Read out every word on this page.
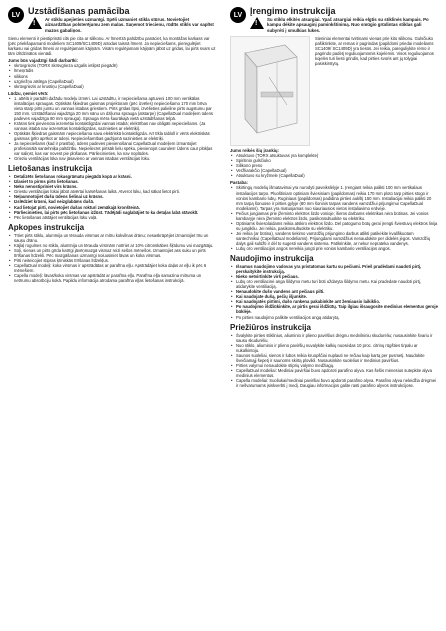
LV Uzstādīšanas pamācība
!
Ar stiklu apejieties uzmanīgi. Spēli uzmaniet stikla stūrus. Novietojiet aizsardzības polsterējumu zem malas. Saņemot triecienu, rūdīts stikls var saplīst mazos gabaliņos.

Sienu elementi ir piestiprināti cits pie cita ar silikonu. Ar līmerīzā palīdzību panāciet, ka montāžas karkass var (pēc priekšapamanti modeliem SC1409/SC1409D) atrodas taisnā līmenī. Ja nepieciešams, pieregulējiet karkasu vai gridas līmeni ar regulējamam kājiņām. Visām regulējamam kājiņām jābūt uz gridas, lai pirts svars uz tām izlīdzinātos vienādi.

Jums būs vajadzīgi šādi darbarīki:
• skrūvgriezis (TORX skrūvgrieza uzgalis ietilpst piegādē)
• līmeņrādis
• silikons
• uzgriežņu atslēga (CapellaDual)
• skrūvgriezis ar krustiņu (CapellaDual)
Lūdzu, ņemiet vērā:
• 1. attēlā ir parādīti dažādu modeļu izmēri. Lai uzstādītu, ir nepieciešama aptuveni 100 mm vertikālas instalācijas spraugas. Optiskās šķiedras gaismas projektoram (pēc izvēles) nepieciešamo 170 mm brīva vieta starp pirts jumtu un vannas istabas griestiem. Pirts grīdas līpsi, izvēlieties palieline pirts augstumu par 150 mm. Uzstādīšanai vajadzīga 20 mm sānu un dziļuma sprauga (atstarpe) (CapellaDual modeļiem ūdens padeves vajadzīga 80 mm sprauga). Sprauga mēra šaurākajā vietā uzstādīšanas telpā.
• Krāsns tiek pievienota iezemētai kontaktligzdai vannas istabā; elektrības nav obligāti nepieciešams. (Ja vannas istabā nav iezemētas kontaktligzdas, sazinieties ar elektriķi).
• Optiskās šķiedras gaismām nepieciešama sava elektriskā kontaktligzda. Arī tīkla tabloll ir vērts elektriskās gaismas ģēlū aprīkot ar ūdeņi. Nepieciešamības gadījumā sazinieties ar elektriķi.
• Ja nepieciešams (kad ir prasība), ūdens padeves pievienošanai CapellaDual modeļiem izmantojiet profesionālā santehniķa palīdzību. Nepieliecīet pirtsāk lielu spēku, pievienojot caurules! Ūdens caur plūkļas var saliņst, kas var novest pie plūšanas. Pārliecinieties, ka nav noplūdes.
• Grieziu ventilācijas lūka nav jāsavieno ar vannas istabas ventilācijas lūku.
Lietošanas instrukcija
• Detalizēts lietošanas rokasgrāmatu piegādā kopā ar krāsni.
• Izlasiet to pirms pirts lietošanas.
• Neko nenostipriniet virs krāsns.
• Griestu ventilācijas lūkai jābūt atvērtai karsēšanas laikā. Atverot lūku, kad sākat lietot pirti.
• Neļaunnotojiet dušu ūdens lielinai uz krāsns.
• Izslēdziet krāsni, kad neizglabāms dušā.
• Kad lietojat pirti, novietojiet dušas rokturi zemākajā kronšteinā.
• Pārliecinieties, lai pirts pēc lietošanas izžūst. Tādējādi saglabājiet to ka detaļas labā stāvoklī.
• Pēc lietošanas atstājiet ventilācijas lūku vaļā.
Apkopes instrukcija
• Tīriet pirts stiklu, alumīnija un tērauda virsmas ar mitru kokvilnas drānu; nesaskrāpējiet izmantojiet tīru un saușu drānu.
• Kājlaļ rogulnes no stikla, alumīnija un tērauda virsmām notīriet ar 10% citronskābes šķīdumu vai mazgātāju.
• Soļi, sienas un pirts grīda katrīgi jāvēņmazgā vismaz reizi sešos mēnešos. Izmantojiet ass suku un pirts tīrīšanas līdzekli. Pēc mazgāšanas uzmanīgi noiuusiniet lāvas un koka virsmas.
• Pirti neiteicojiet stipras ķīmiskās tīrīšanas līdzekļus.
• CapellaDual modeļi: koka virsmas ir apstrādātas ar parafīna eļļu. Apstrādājiet koka daļas ar eļļu ik pēc 6 mēnešiem.
• Capella modeļi: lāvas/koka virsmas var apstrādāt ar parafīna eļļu. Parafīna eļļa samazina mitruma un netīrumu absorbciju kokā. Papildu informācija atrodama parafīna eļļas lietošanas instrukcijā.
LV Įrengimo instrukcija
!
Su stiklu elkitės atsargiai. Ypač atsargiai reikia elgtis su stiklinės kampais. Po kampu dėkite apsauginį paminkštinimą. Nuo smūgio grūdintas stiklas gali subyrėti į smulkias lukes.

Sieniniai elementai tvirtinami vienas prie kito silikonu. Gulsčiuko pašikrinkite, ar remas ir pagrindas (papildomi priedai modeliams SC1409/ SC1409D) yra tiesūs. Jei reikia, pareguliykite rėmo ir pagrindo padėtį reguliuojamomis kojelėmis. Visos reguliuojamos kojelės turi liesti grindis, kad pirties svoris ant jų tolygiai pasiskirstytų.

Jums reikės šių įrankių:
• Atsuktuvo (TORX atsuktuvas yra komplekte)
• Spiritinio gulsčiuko
• Silikono preso
• Veržliarakčio (CapellaDual)
• Atsuktuvo su kryžmele (CapellaDual)
Pastaba:
• Skirtingų modelių išmatavimai yra nurodyti paveikslėlyje 1. Įrengiant reikia palikti 100 mm vertikalaus instaliacijos tarpo. Pluoštiniam optiniam šviesiniam (papildomas) reikia 170 mm ploto tarp pirties stogo ir vonios kambario lubų. Ruginiaus (papildomas) padidina pirties aukštį 150 mm. Instaliacijai reikia palikti 20 mm tarpą šonuose ir pirties gylyje (80 mm šoninis tarpas vandens vamzdžiui prijungimui CapellaDual modeliams). Tarpas yra matuojamas nuo siauriausios vietos instaliavimo erdvėje.
• Pečius jungiamas prie įžeminto elektros lizdo vonioje; šiems darbams elektrikas nėra būtinas. Jei vonios kambaryje nėra įžeminto elektros lizdo, pasikonsultuokite su elektriku.
• Optiniams šviesolaidams reikia atskiro elektros lizdo. Del patogumo būtų gerai įrengti šviestuvų elektros linija su jungikliu. Jei reikia, pasikonsultuokite su elektriku.
• Jei reikia (ar būtina), vandens tiekimo vamzdžių prijungimo darbus atlikti patikėkite kvalifikuotam santechnikui (CapellaDual modeliams). Prijungdami vamzdžius nenaudokite per didelės jėgos. Vamzdžių dalys gali sulūžti ir dėl to sugesti vandens sistema. Patikrinkite, ar nekur neprateka vandenys.
• Lubų oro ventiliacijos angos nereikia jungti prie vonios kambario ventiliacijos angos.
Naudojimo instrukcija
• Išsamus naudojimo vadovas yra pristatomas kartu su pečiumi. Prieš pradėdami naudoti pirtį, perskaitykite instrukciją.
• Nieko netvirtinkite virš pečiaus.
• Lubų oro ventiliacinė anga šildymo metu turi būti uždaryta šildymo metu. Kai pradedate naudoti pirtį, atidarykite ventiliaciją.
• Nenaudokite dušo vandens ant pečiaus pilti.
• Kai naudojate dušą, pečių išjunkite.
• Kai naudojatės pirtimi, dušo rankena pakabinkite ant žemiausio laikiklio.
• Po naudojimo išdžiūkinkite, ar pirtis gerai išdžiūtų. Taip ilgiau išsaugosite medinius elementus geroje būklėje.
• Po pirties naudojimo palikite ventiliacijos angą atidarytą.
Priežiūros instrukcija
• Švalykite pirties stiklinius, aliuminio ir plieno paviršius drėgnu medvilniniu skudurėliu; nusausinkite švariu ir sausu skudurėliu.
• Nuo stiklo, aliuminio ir plieno paviršių nuvalykite kalkių nuosėdas 10 proc. citrinų rūgšties tirpalu ar nukalkintoju.
• Saunos suoleliai, sienos ir lubos reikia kruopščiai nuplauti ne rečiau kaip kartą per pusmetį. Naudokite šveičiamąjį šepetį ir saunoms skirtą plovikli. Nusausinkite suolelius ir medinius paviršius.
• Pirties valymui nenaudokite stiprių valymo medžiagų.
• CapellaDual modeliai: Mediniai paviršiai buvo apdoroti parafino alyva. Kas šešis mėnesius sutepkite alyva medinius elementus.
• Capella modeliai: Suoliukai/mediniai paviršiai buvo apdoroti parafino alyva. Parafino alyva neleidžia drėgmei ir nešvarumams įsiskverbti į medį. Daugiau informacijos galite rasti parafino alyvos instrukcijose.
